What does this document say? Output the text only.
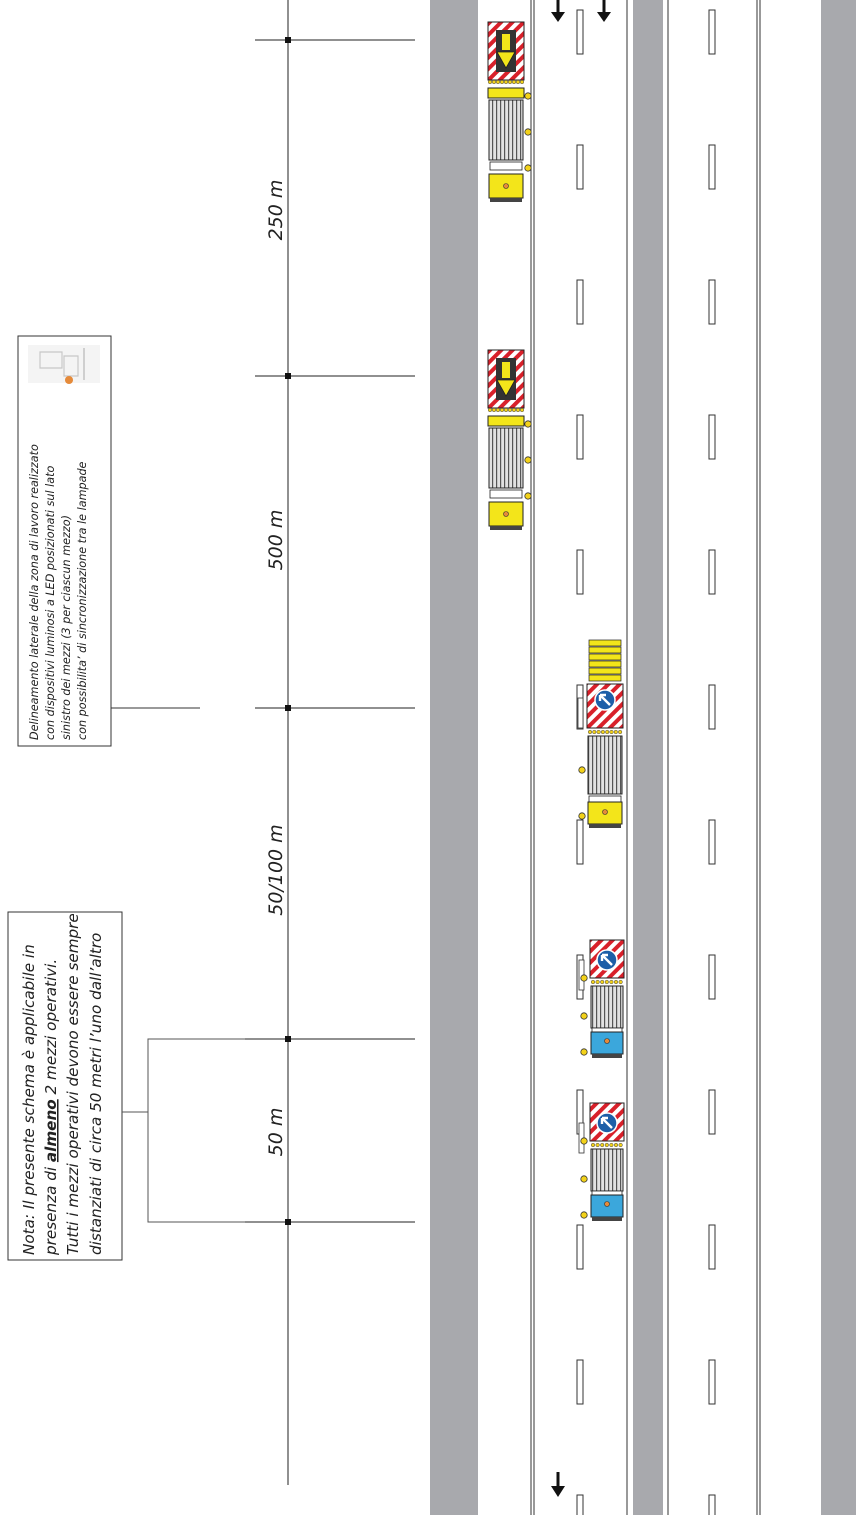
250 m
500 m
50/100 m
50 m
Nota: Il presente schema è applicabile in presenza di almeno 2 mezzi operativi. Tutti i mezzi operativi devono essere sempre distanziati di circa 50 metri l’uno dall’altro
Delineamento laterale della zona di lavoro realizzato con dispositivi luminosi a LED posizionati sul lato sinistro dei mezzi (3 per ciascun mezzo) con possibilita’ di sincronizzazione tra le lampade
